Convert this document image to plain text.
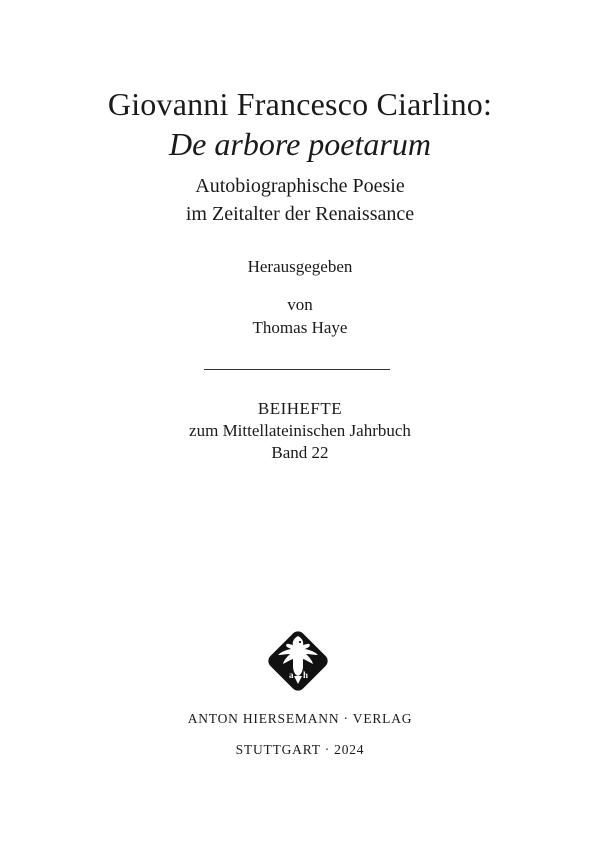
Giovanni Francesco Ciarlino:
De arbore poetarum
Autobiographische Poesie
im Zeitalter der Renaissance
Herausgegeben
von
Thomas Haye
BEIHEFTE
zum Mittellateinischen Jahrbuch
Band 22
a h
ANTON HIERSEMANN · VERLAG
STUTTGART · 2024
